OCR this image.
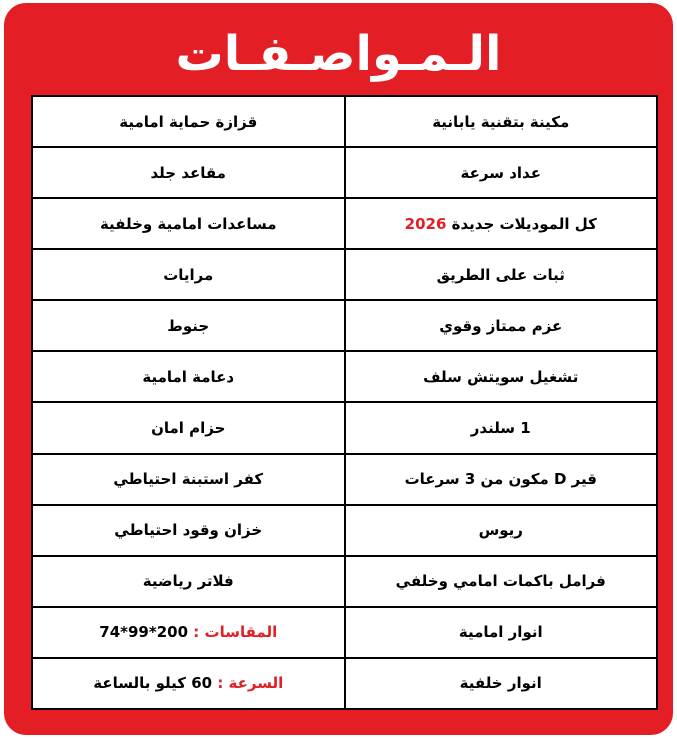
الـمـواصـفـات
مكينة بتقنية يابانية	قزازة حماية امامية
عداد سرعة	مقاعد جلد
كل الموديلات جديدة 2026	مساعدات امامية وخلفية
ثبات على الطريق	مرايات
عزم ممتاز وقوي	جنوط
تشغيل سويتش سلف	دعامة امامية
1 سلندر	حزام امان
قير D مكون من 3 سرعات	كفر استبنة احتياطي
ريوس	خزان وقود احتياطي
فرامل باكمات امامي وخلفي	فلاتر رياضية
انوار امامية	المقاسات : 200*99*74
انوار خلفية	السرعة : 60 كيلو بالساعة
